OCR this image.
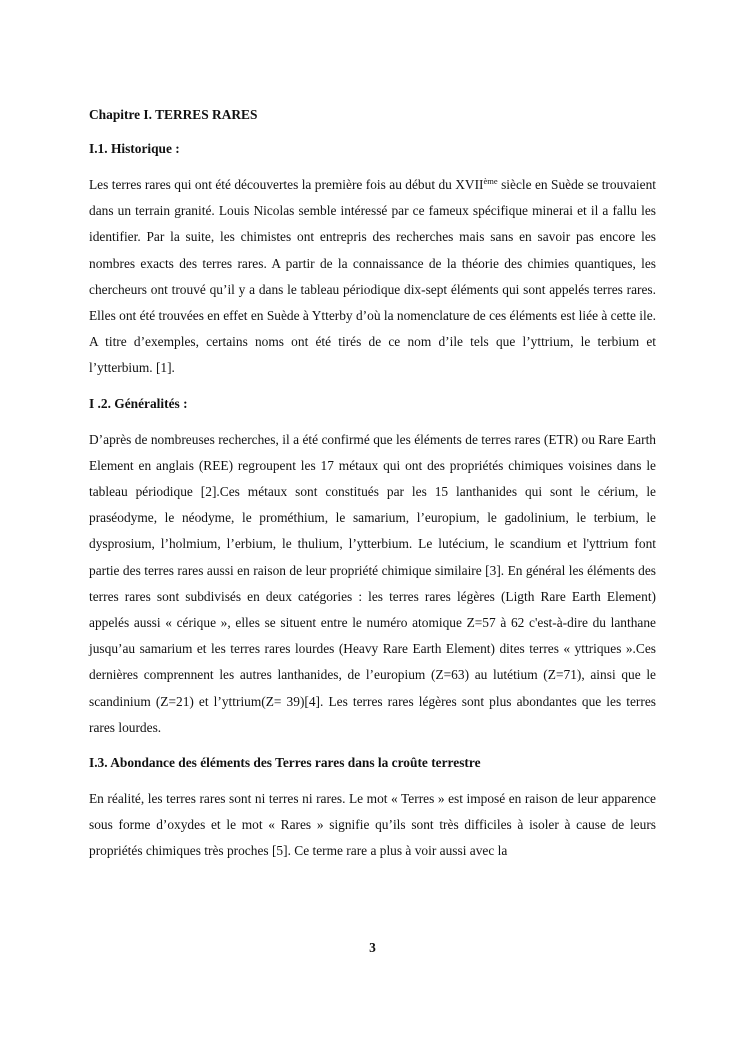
Chapitre I. TERRES RARES

I.1. Historique :

Les terres rares qui ont été découvertes la première fois au début du XVIIème siècle en Suède se trouvaient dans un terrain granité. Louis Nicolas semble intéressé par ce fameux spécifique minerai et il a fallu les identifier. Par la suite, les chimistes ont entrepris des recherches mais sans en savoir pas encore les nombres exacts des terres rares. A partir de la connaissance de la théorie des chimies quantiques, les chercheurs ont trouvé qu’il y a dans le tableau périodique dix-sept éléments qui sont appelés terres rares. Elles ont été trouvées en effet en Suède à Ytterby d’où la nomenclature de ces éléments est liée à cette ile. A titre d’exemples, certains noms ont été tirés de ce nom d’ile tels que l’yttrium, le terbium et l’ytterbium. [1].

I .2. Généralités :

D’après de nombreuses recherches, il a été confirmé que les éléments de terres rares (ETR) ou Rare Earth Element en anglais (REE) regroupent les 17 métaux qui ont des propriétés chimiques voisines dans le tableau périodique [2].Ces métaux sont constitués par les 15 lanthanides qui sont le cérium, le praséodyme, le néodyme, le prométhium, le samarium, l’europium, le gadolinium, le terbium, le dysprosium, l’holmium, l’erbium, le thulium, l’ytterbium. Le lutécium, le scandium et l'yttrium font partie des terres rares aussi en raison de leur propriété chimique similaire [3]. En général les éléments des terres rares sont subdivisés en deux catégories : les terres rares légères (Ligth Rare Earth Element) appelés aussi « cérique », elles se situent entre le numéro atomique Z=57 à 62 c'est-à-dire du lanthane jusqu’au samarium et les terres rares lourdes (Heavy Rare Earth Element) dites terres « yttriques ».Ces dernières comprennent les autres lanthanides, de l’europium (Z=63) au lutétium (Z=71), ainsi que le scandinium (Z=21) et l’yttrium(Z= 39)[4]. Les terres rares légères sont plus abondantes que les terres rares lourdes.

I.3. Abondance des éléments des Terres rares dans la croûte terrestre

En réalité, les terres rares sont ni terres ni rares. Le mot « Terres » est imposé en raison de leur apparence sous forme d’oxydes et le mot « Rares » signifie qu’ils sont très difficiles à isoler à cause de leurs propriétés chimiques très proches [5]. Ce terme rare a plus à voir aussi avec la

3
